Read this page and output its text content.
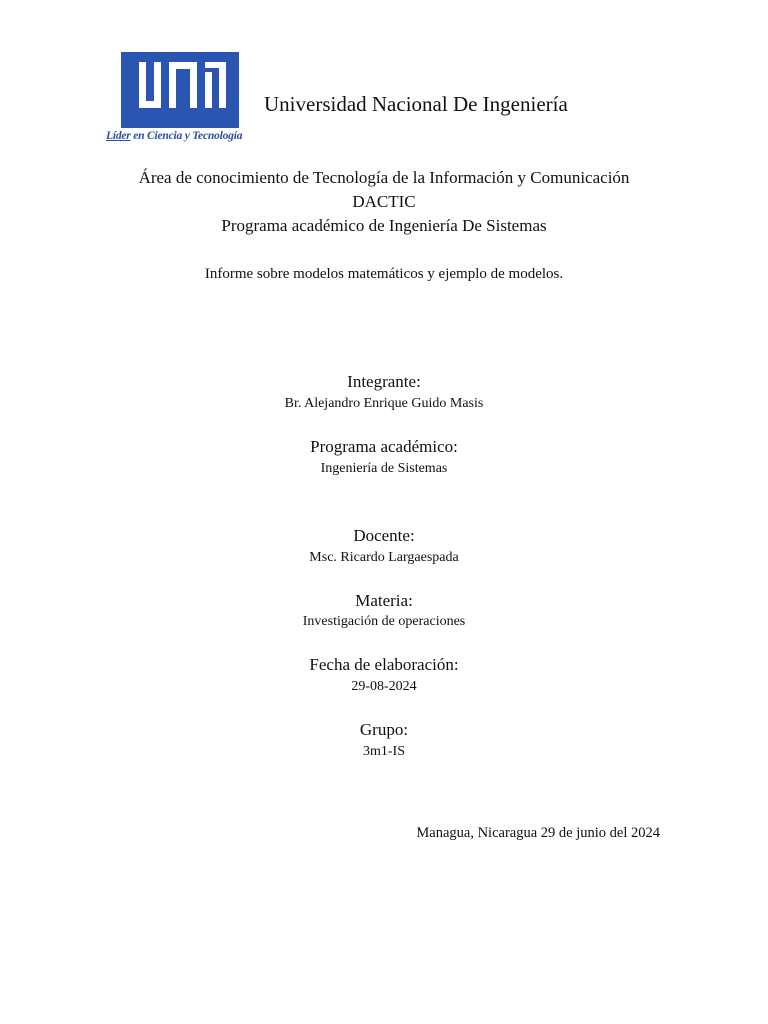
Líder en Ciencia y Tecnología
Universidad Nacional De Ingeniería
Área de conocimiento de Tecnología de la Información y Comunicación
DACTIC
Programa académico de Ingeniería De Sistemas
Informe sobre modelos matemáticos y ejemplo de modelos.
Integrante:
Br. Alejandro Enrique Guido Masis
Programa académico:
Ingeniería de Sistemas
Docente:
Msc. Ricardo Largaespada
Materia:
Investigación de operaciones
Fecha de elaboración:
29-08-2024
Grupo:
3m1-IS
Managua, Nicaragua 29 de junio del 2024
